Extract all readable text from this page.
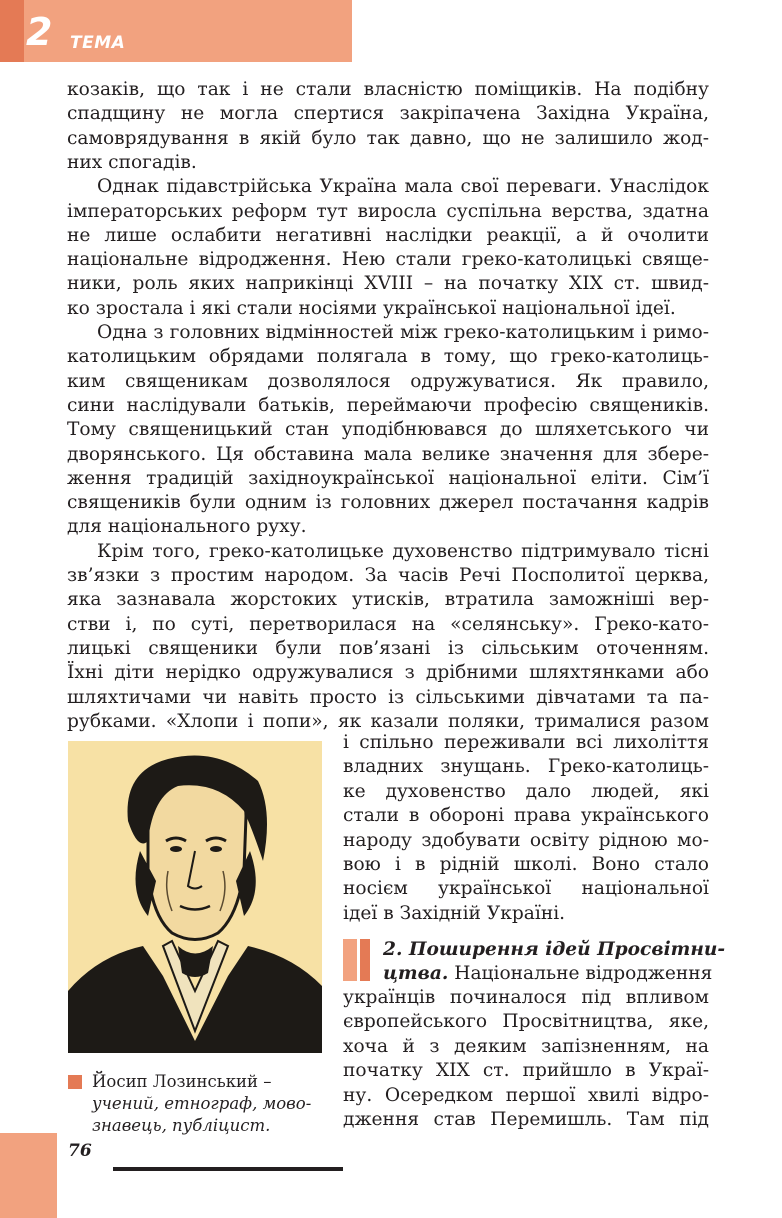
2 ТЕМА
козаків, що так і не стали власністю поміщиків. На подібну
спадщину не могла спертися закріпачена Західна Україна,
самоврядування в якій було так давно, що не залишило жод-
них спогадів.
Однак підавстрійська Україна мала свої переваги. Унаслідок
імператорських реформ тут виросла суспільна верства, здатна
не лише ослабити негативні наслідки реакції, а й очолити
національне відродження. Нею стали греко-католицькі свяще-
ники, роль яких наприкінці XVIII – на початку XIX ст. швид-
ко зростала і які стали носіями української національної ідеї.
Одна з головних відмінностей між греко-католицьким і римо-
католицьким обрядами полягала в тому, що греко-католиць-
ким священикам дозволялося одружуватися. Як правило,
сини наслідували батьків, переймаючи професію священиків.
Тому священицький стан уподібнювався до шляхетського чи
дворянського. Ця обставина мала велике значення для збере-
ження традицій західноукраїнської національної еліти. Сім’ї
священиків були одним із головних джерел постачання кадрів
для національного руху.
Крім того, греко-католицьке духовенство підтримувало тісні
зв’язки з простим народом. За часів Речі Посполитої церква,
яка зазнавала жорстоких утисків, втратила заможніші вер-
стви і, по суті, перетворилася на «селянську». Греко-като-
лицькі священики були пов’язані із сільським оточенням.
Їхні діти нерідко одружувалися з дрібними шляхтянками або
шляхтичами чи навіть просто із сільськими дівчатами та па-
рубками. «Хлопи і попи», як казали поляки, трималися разом
і спільно переживали всі лихоліття
владних знущань. Греко-католиць-
ке духовенство дало людей, які
стали в обороні права українського
народу здобувати освіту рідною мо-
вою і в рідній школі. Воно стало
носієм української національної
ідеї в Західній Україні.
Йосип Лозинський –
учений, етнограф, мово-
знавець, публіцист.
2. Поширення ідей Просвітни-
цтва. Національне відродження
українців починалося під впливом
європейського Просвітництва, яке,
хоча й з деяким запізненням, на
початку XIX ст. прийшло в Украї-
ну. Осередком першої хвилі відро-
дження став Перемишль. Там під
76
